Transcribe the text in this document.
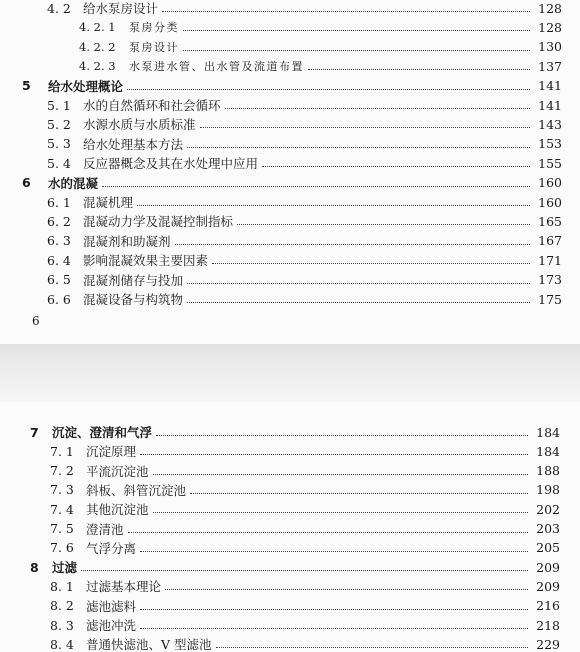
4. 2 给水泵房设计	128
4. 2. 1	泵房分类	128
4. 2. 2	泵房设计	130
4. 2. 3	水泵进水管、出水管及流道布置	137
5	给水处理概论	141
5. 1 水的自然循环和社会循环	141
5. 2 水源水质与水质标准	143
5. 3 给水处理基本方法	153
5. 4 反应器概念及其在水处理中应用	155
6	水的混凝	160
6. 1 混凝机理	160
6. 2 混凝动力学及混凝控制指标	165
6. 3 混凝剂和助凝剂	167
6. 4 影响混凝效果主要因素	171
6. 5 混凝剂储存与投加	173
6. 6 混凝设备与构筑物	175
6
7	沉淀、澄清和气浮	184
7. 1 沉淀原理	184
7. 2 平流沉淀池	188
7. 3 斜板、斜管沉淀池	198
7. 4 其他沉淀池	202
7. 5 澄清池	203
7. 6 气浮分离	205
8	过滤	209
8. 1 过滤基本理论	209
8. 2 滤池滤料	216
8. 3 滤池冲洗	218
8. 4 普通快滤池、V 型滤池	229
